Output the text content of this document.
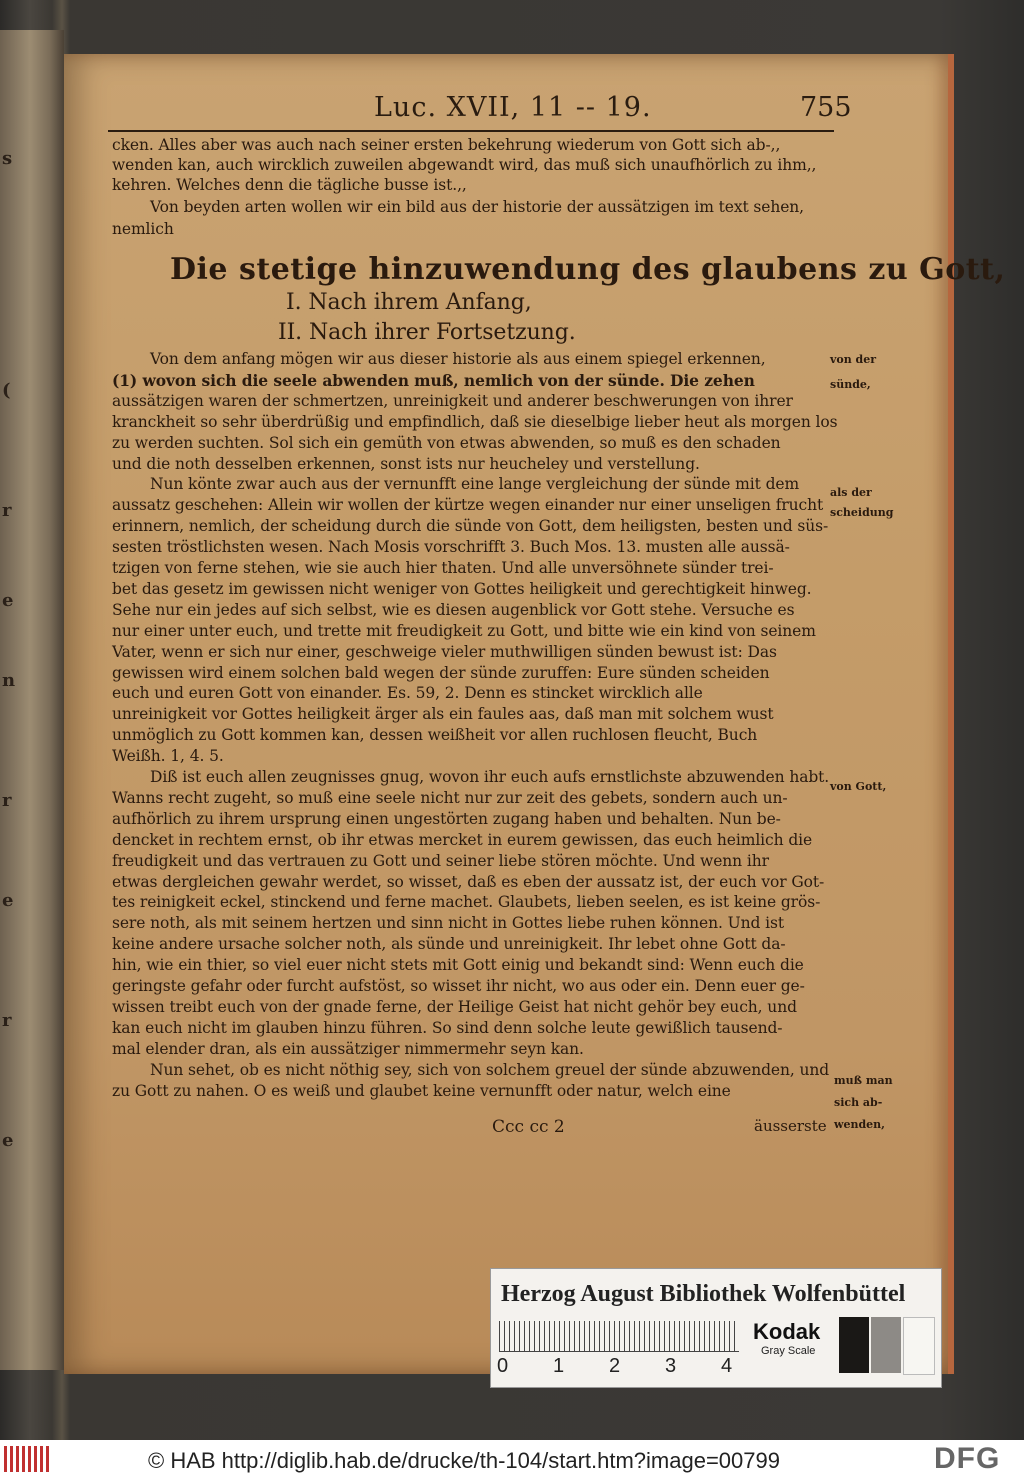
s
(
r
e
n
r
e
r
e
Luc. XVII, 11 -- 19.	755
cken. Alles aber was auch nach seiner ersten bekehrung wiederum von Gott sich ab-,,
wenden kan, auch wircklich zuweilen abgewandt wird, das muß sich unaufhörlich zu ihm,,
kehren. Welches denn die tägliche busse ist.,,
Von beyden arten wollen wir ein bild aus der historie der aussätzigen im text sehen,
nemlich
Die stetige hinzuwendung des glaubens zu Gott,
I. Nach ihrem Anfang,
II. Nach ihrer Fortsetzung.
Von dem anfang mögen wir aus dieser historie als aus einem spiegel erkennen,
(1) wovon sich die seele abwenden muß, nemlich von der sünde. Die zehen
aussätzigen waren der schmertzen, unreinigkeit und anderer beschwerungen von ihrer
kranckheit so sehr überdrüßig und empfindlich, daß sie dieselbige lieber heut als morgen los
zu werden suchten. Sol sich ein gemüth von etwas abwenden, so muß es den schaden
und die noth desselben erkennen, sonst ists nur heucheley und verstellung.
Nun könte zwar auch aus der vernunfft eine lange vergleichung der sünde mit dem
aussatz geschehen: Allein wir wollen der kürtze wegen einander nur einer unseligen frucht
erinnern, nemlich, der scheidung durch die sünde von Gott, dem heiligsten, besten und süs-
sesten tröstlichsten wesen. Nach Mosis vorschrifft 3. Buch Mos. 13. musten alle aussä-
tzigen von ferne stehen, wie sie auch hier thaten. Und alle unversöhnete sünder trei-
bet das gesetz im gewissen nicht weniger von Gottes heiligkeit und gerechtigkeit hinweg.
Sehe nur ein jedes auf sich selbst, wie es diesen augenblick vor Gott stehe. Versuche es
nur einer unter euch, und trette mit freudigkeit zu Gott, und bitte wie ein kind von seinem
Vater, wenn er sich nur einer, geschweige vieler muthwilligen sünden bewust ist: Das
gewissen wird einem solchen bald wegen der sünde zuruffen: Eure sünden scheiden
euch und euren Gott von einander. Es. 59, 2. Denn es stincket wircklich alle
unreinigkeit vor Gottes heiligkeit ärger als ein faules aas, daß man mit solchem wust
unmöglich zu Gott kommen kan, dessen weißheit vor allen ruchlosen fleucht, Buch
Weißh. 1, 4. 5.
Diß ist euch allen zeugnisses gnug, wovon ihr euch aufs ernstlichste abzuwenden habt.
Wanns recht zugeht, so muß eine seele nicht nur zur zeit des gebets, sondern auch un-
aufhörlich zu ihrem ursprung einen ungestörten zugang haben und behalten. Nun be-
dencket in rechtem ernst, ob ihr etwas mercket in eurem gewissen, das euch heimlich die
freudigkeit und das vertrauen zu Gott und seiner liebe stören möchte. Und wenn ihr
etwas dergleichen gewahr werdet, so wisset, daß es eben der aussatz ist, der euch vor Got-
tes reinigkeit eckel, stinckend und ferne machet. Glaubets, lieben seelen, es ist keine grös-
sere noth, als mit seinem hertzen und sinn nicht in Gottes liebe ruhen können. Und ist
keine andere ursache solcher noth, als sünde und unreinigkeit. Ihr lebet ohne Gott da-
hin, wie ein thier, so viel euer nicht stets mit Gott einig und bekandt sind: Wenn euch die
geringste gefahr oder furcht aufstöst, so wisset ihr nicht, wo aus oder ein. Denn euer ge-
wissen treibt euch von der gnade ferne, der Heilige Geist hat nicht gehör bey euch, und
kan euch nicht im glauben hinzu führen. So sind denn solche leute gewißlich tausend-
mal elender dran, als ein aussätziger nimmermehr seyn kan.
Nun sehet, ob es nicht nöthig sey, sich von solchem greuel der sünde abzuwenden, und
zu Gott zu nahen. O es weiß und glaubet keine vernunfft oder natur, welch eine
von der
sünde,
als der
scheidung
von Gott,
muß man
sich ab-
wenden,
Ccc cc 2	äusserste
Herzog August Bibliothek Wolfenbüttel
0 1 2 3 4
Kodak
Gray Scale
© HAB http://diglib.hab.de/drucke/th-104/start.htm?image=00799	DFG
